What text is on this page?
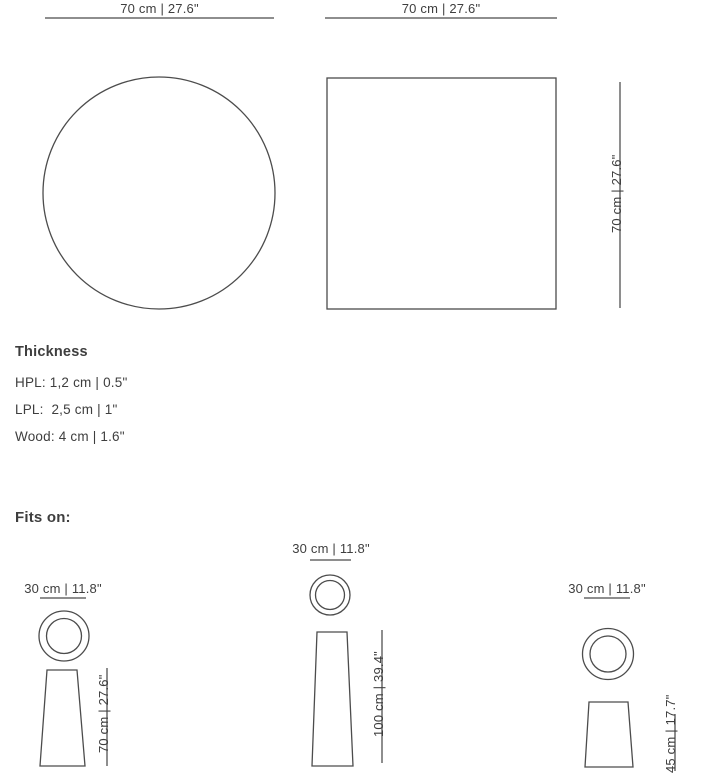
70 cm | 27.6"	70 cm | 27.6"
70 cm | 27.6"
Thickness
HPL: 1,2 cm | 0.5"
LPL:  2,5 cm | 1"
Wood: 4 cm | 1.6"
Fits on:
30 cm | 11.8"
70 cm | 27.6"
30 cm | 11.8"
100 cm | 39.4"
30 cm | 11.8"
45 cm | 17.7"
